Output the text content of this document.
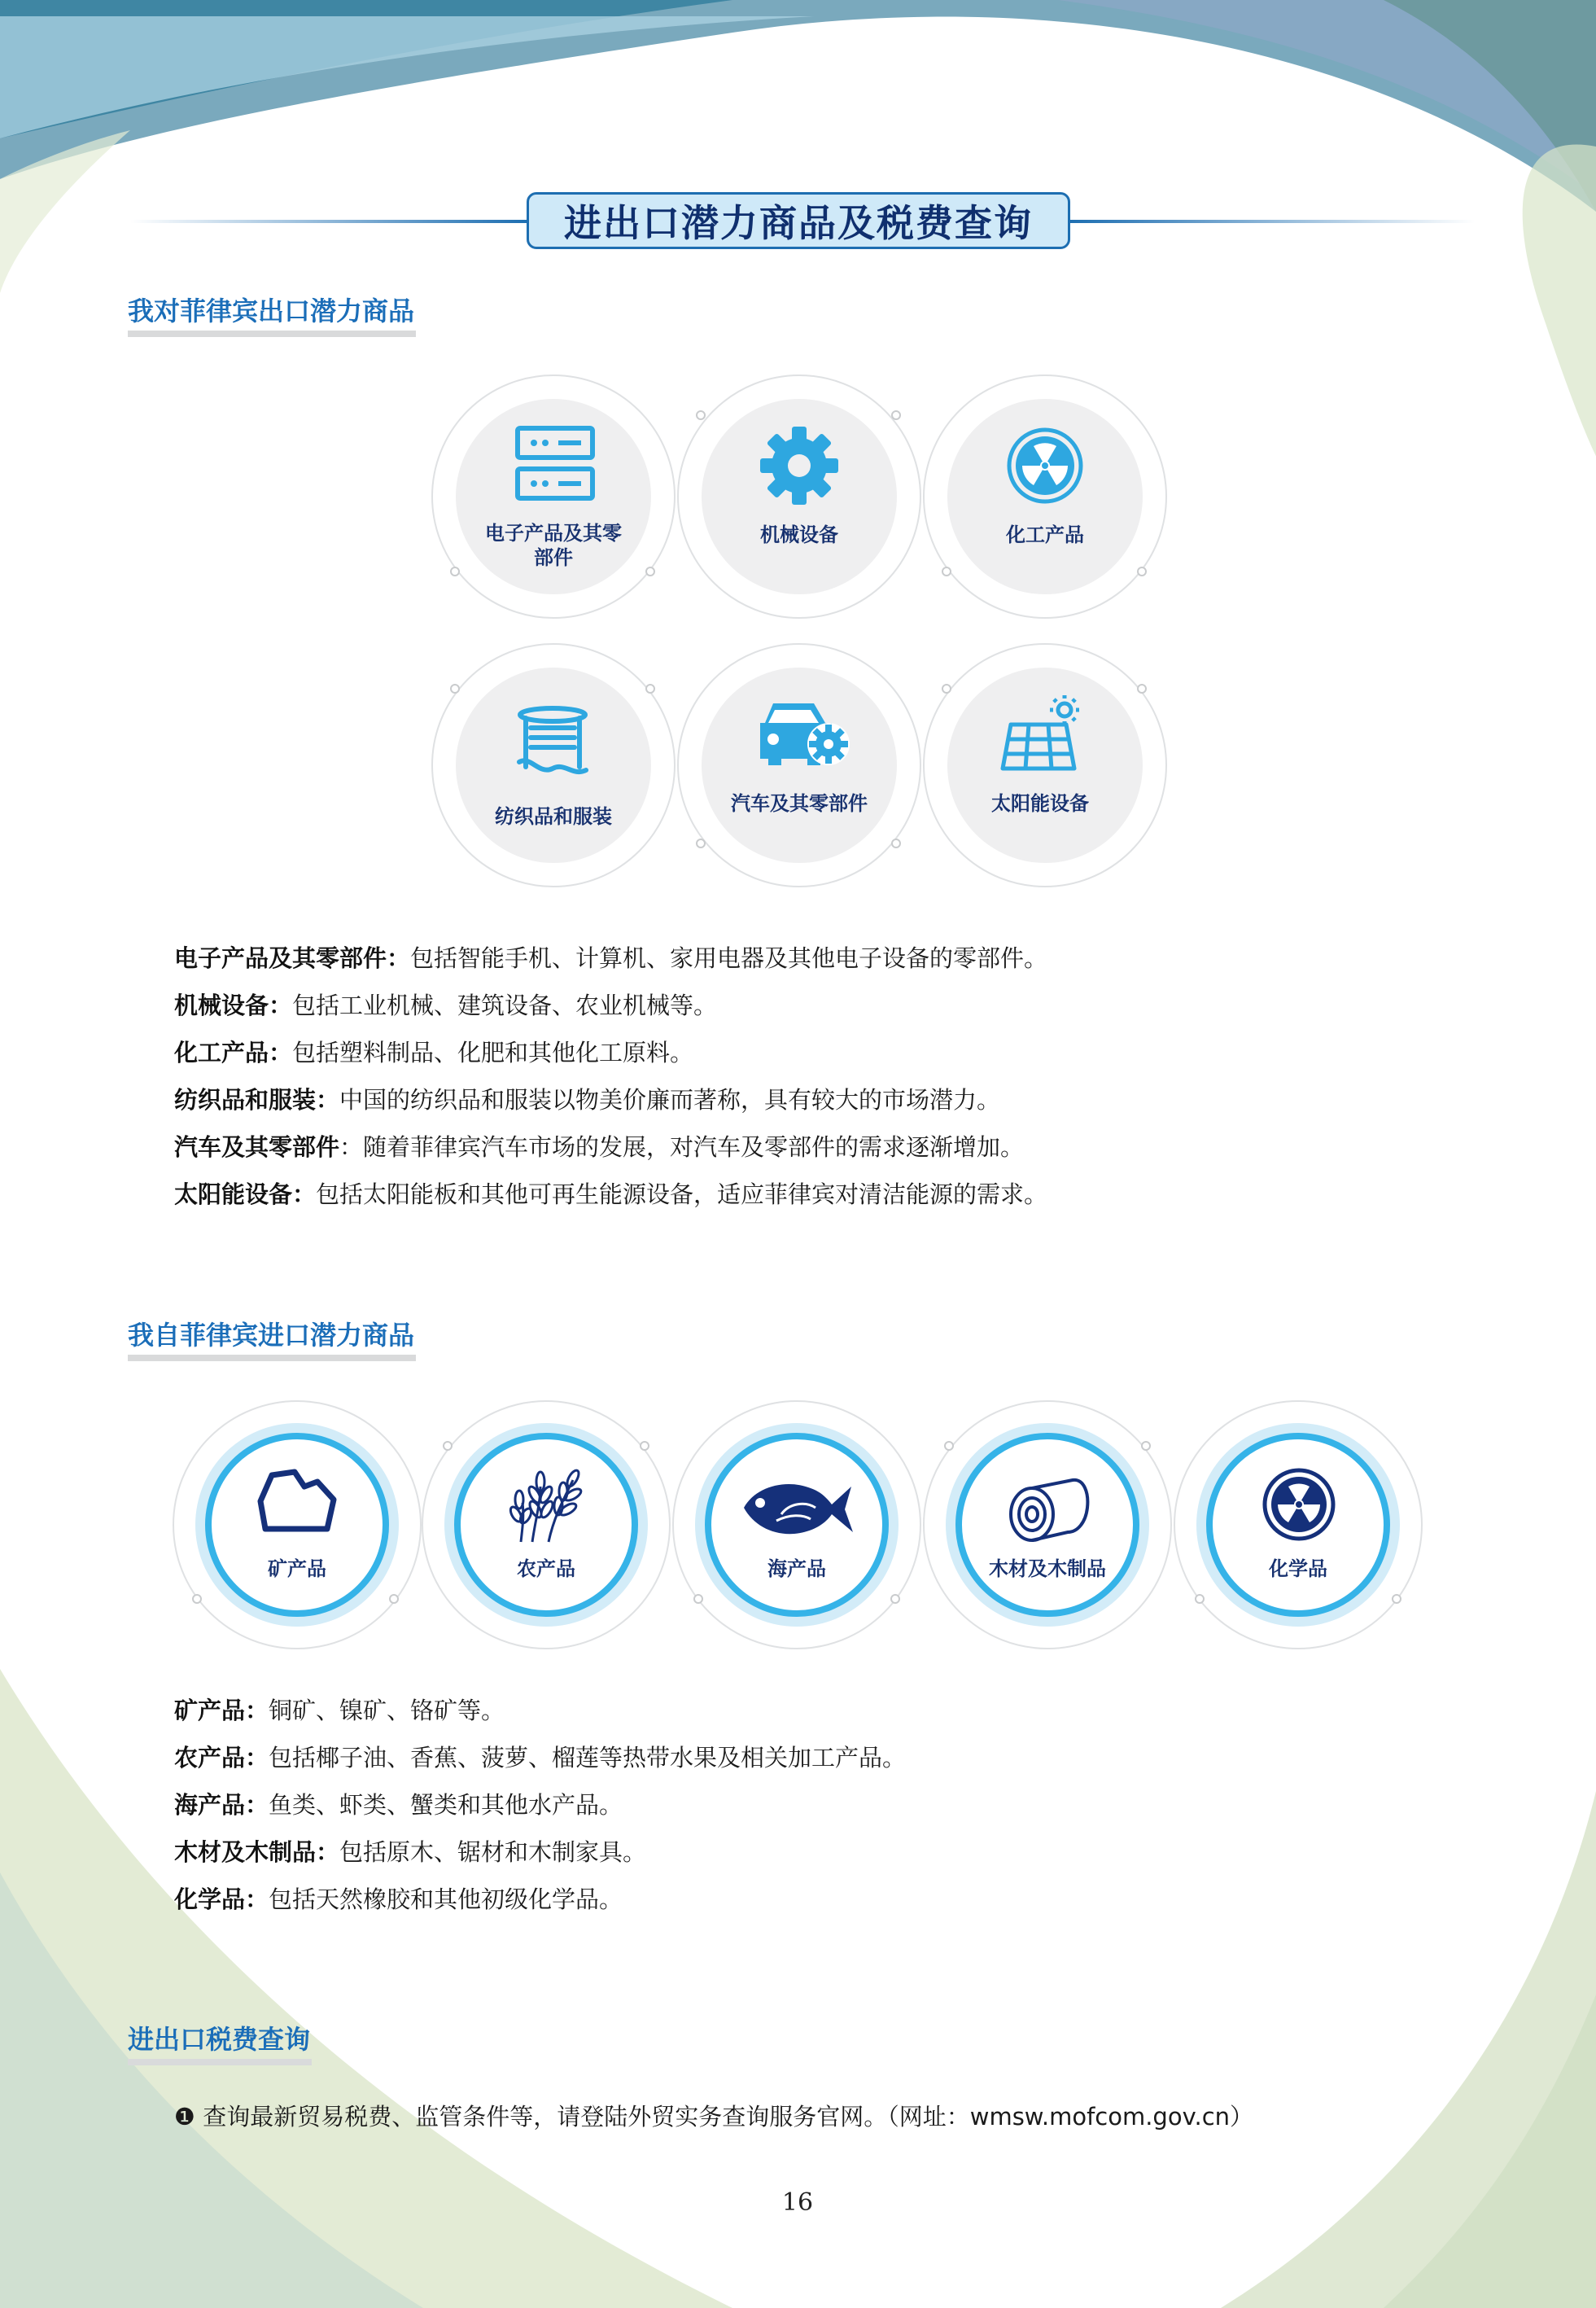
进出口潜力商品及税费查询
我对菲律宾出口潜力商品
电子产品及其零
部件
机械设备	化工产品
纺织品和服装
汽车及其零部件	太阳能设备
电子产品及其零部件：包括智能手机、计算机、家用电器及其他电子设备的零部件。
机械设备：包括工业机械、建筑设备、农业机械等。
化工产品：包括塑料制品、化肥和其他化工原料。
纺织品和服装：中国的纺织品和服装以物美价廉而著称，具有较大的市场潜力。
汽车及其零部件：随着菲律宾汽车市场的发展，对汽车及零部件的需求逐渐增加。
太阳能设备：包括太阳能板和其他可再生能源设备，适应菲律宾对清洁能源的需求。
我自菲律宾进口潜力商品
矿产品	农产品	海产品	木材及木制品	化学品
矿产品：铜矿、镍矿、铬矿等。
农产品：包括椰子油、香蕉、菠萝、榴莲等热带水果及相关加工产品。
海产品：鱼类、虾类、蟹类和其他水产品。
木材及木制品：包括原木、锯材和木制家具。
化学品：包括天然橡胶和其他初级化学品。
进出口税费查询
❶ 查询最新贸易税费、监管条件等，请登陆外贸实务查询服务官网。（网址：wmsw.mofcom.gov.cn）
16
